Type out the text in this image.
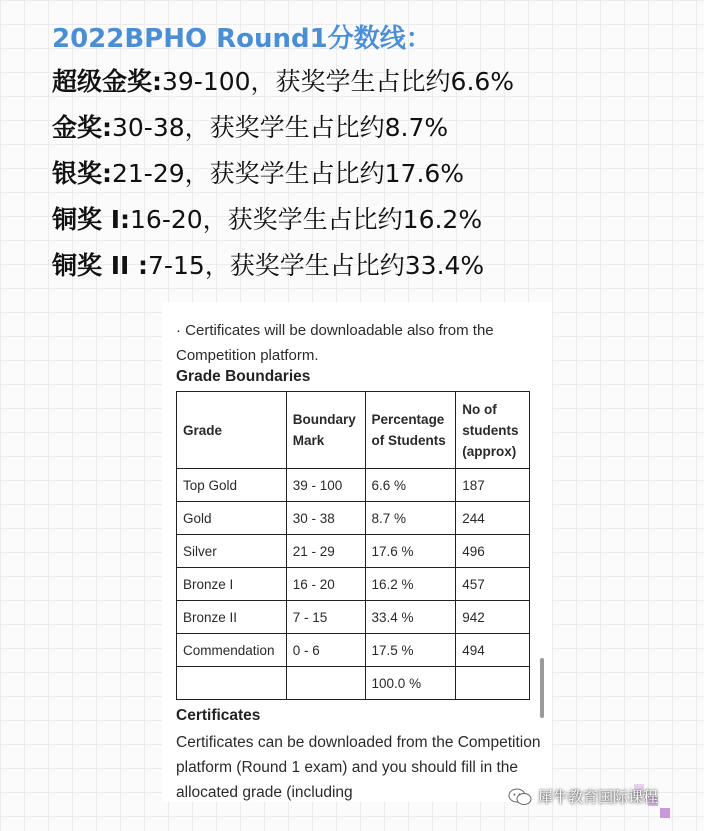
2022BPHO Round1分数线：
超级金奖:39-100，获奖学生占比约6.6%
金奖:30-38，获奖学生占比约8.7%
银奖:21-29，获奖学生占比约17.6%
铜奖 Ⅰ:16-20，获奖学生占比约16.2%
铜奖 II :7-15，获奖学生占比约33.4%
· Certificates will be downloadable also from the Competition platform.
Grade Boundaries
Grade	Boundary Mark	Percentage of Students	No of students (approx)
Top Gold	39 - 100	6.6 %	187
Gold	30 - 38	8.7 %	244
Silver	21 - 29	17.6 %	496
Bronze I	16 - 20	16.2 %	457
Bronze II	7 - 15	33.4 %	942
Commendation	0 - 6	17.5 %	494
		100.0 %	
Certificates
Certificates can be downloaded from the Competition platform (Round 1 exam) and you should fill in the allocated grade (including	犀牛教育国际课程
